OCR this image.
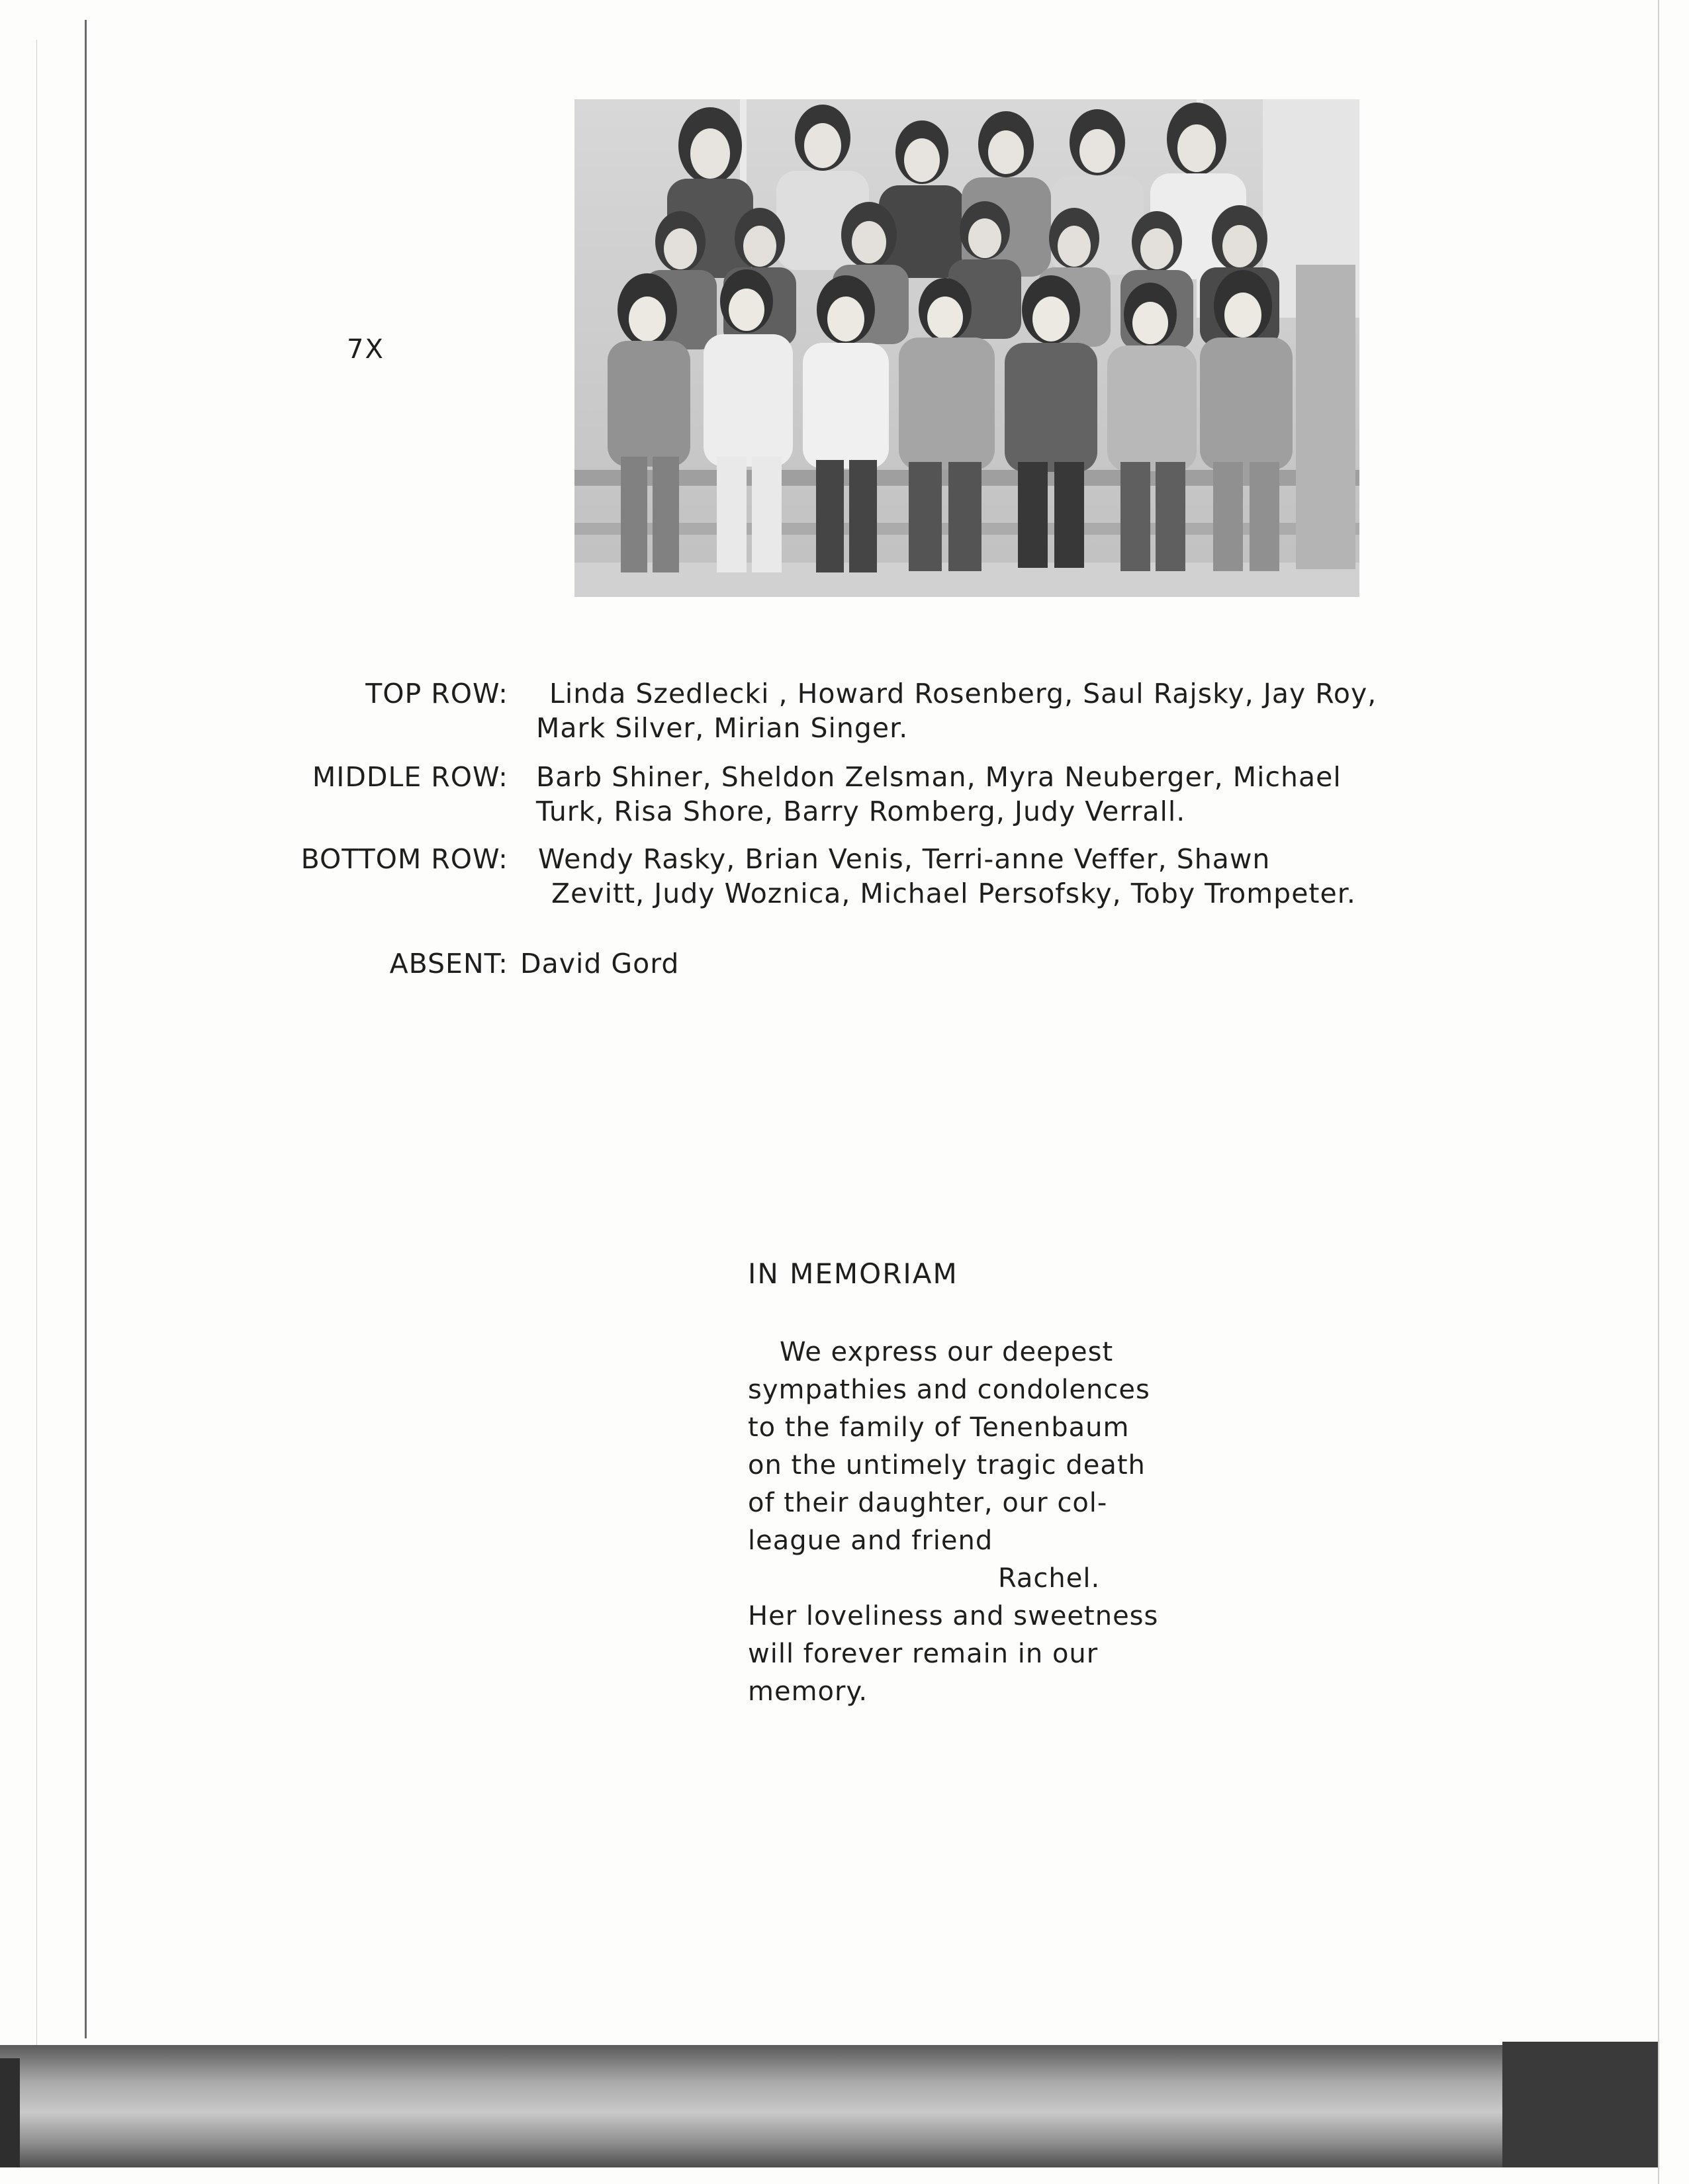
7X
TOP ROW: Linda Szedlecki , Howard Rosenberg, Saul Rajsky, Jay Roy,
Mark Silver, Mirian Singer.
MIDDLE ROW: Barb Shiner, Sheldon Zelsman, Myra Neuberger, Michael
Turk, Risa Shore, Barry Romberg, Judy Verrall.
BOTTOM ROW: Wendy Rasky, Brian Venis, Terri-anne Veffer, Shawn
Zevitt, Judy Woznica, Michael Persofsky, Toby Trompeter.
ABSENT: David Gord
IN MEMORIAM
We express our deepest
sympathies and condolences
to the family of Tenenbaum
on the untimely tragic death
of their daughter, our col-
league and friend
Rachel.
Her loveliness and sweetness
will forever remain in our
memory.
